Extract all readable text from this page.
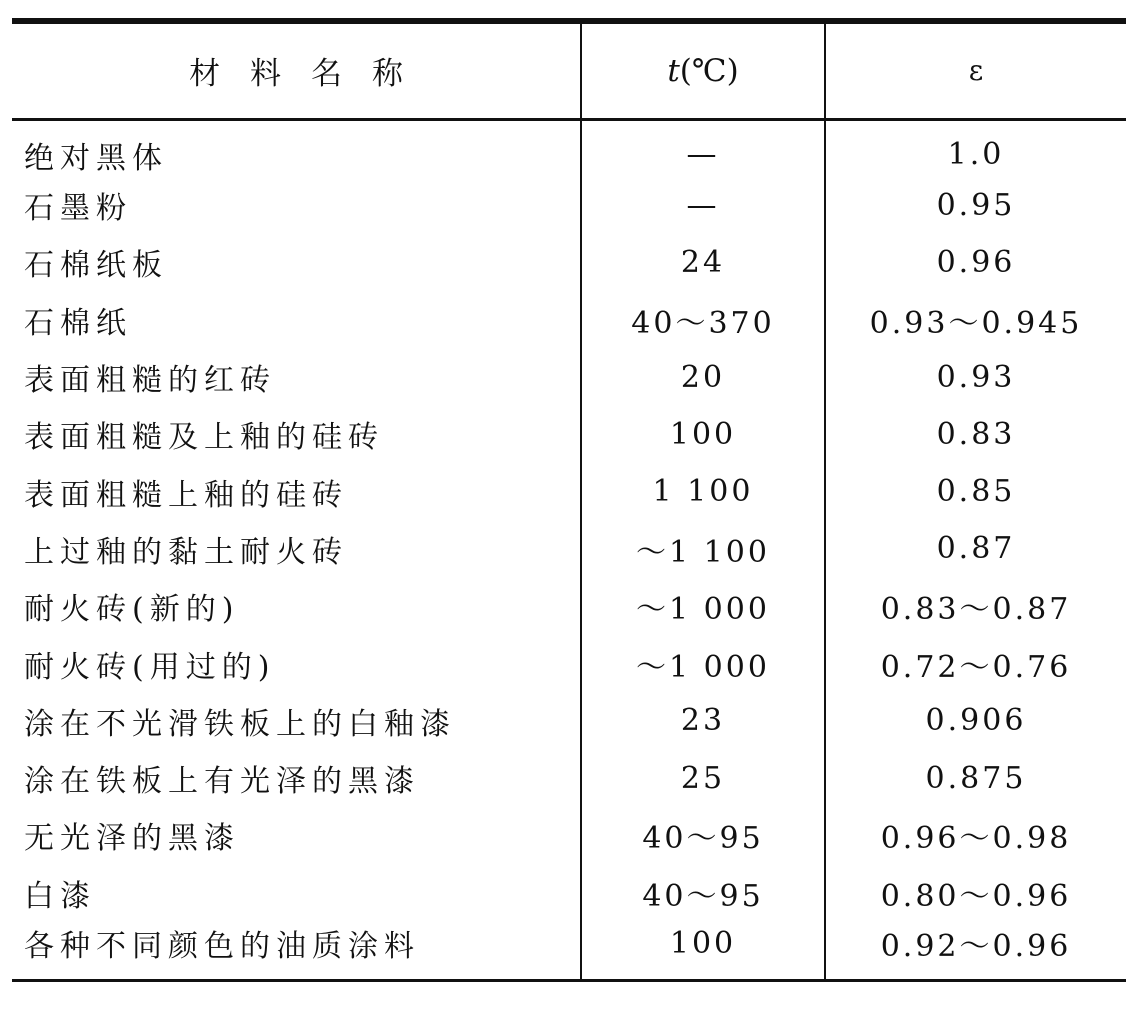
材料名称	t(℃)	ε
绝对黑体	—	1.0
石墨粉	—	0.95
石棉纸板	24	0.96
石棉纸	40～370	0.93～0.945
表面粗糙的红砖	20	0.93
表面粗糙及上釉的硅砖	100	0.83
表面粗糙上釉的硅砖	1 100	0.85
上过釉的黏土耐火砖	～1 100	0.87
耐火砖(新的)	～1 000	0.83～0.87
耐火砖(用过的)	～1 000	0.72～0.76
涂在不光滑铁板上的白釉漆	23	0.906
涂在铁板上有光泽的黑漆	25	0.875
无光泽的黑漆	40～95	0.96～0.98
白漆	40～95	0.80～0.96
各种不同颜色的油质涂料	100	0.92～0.96
